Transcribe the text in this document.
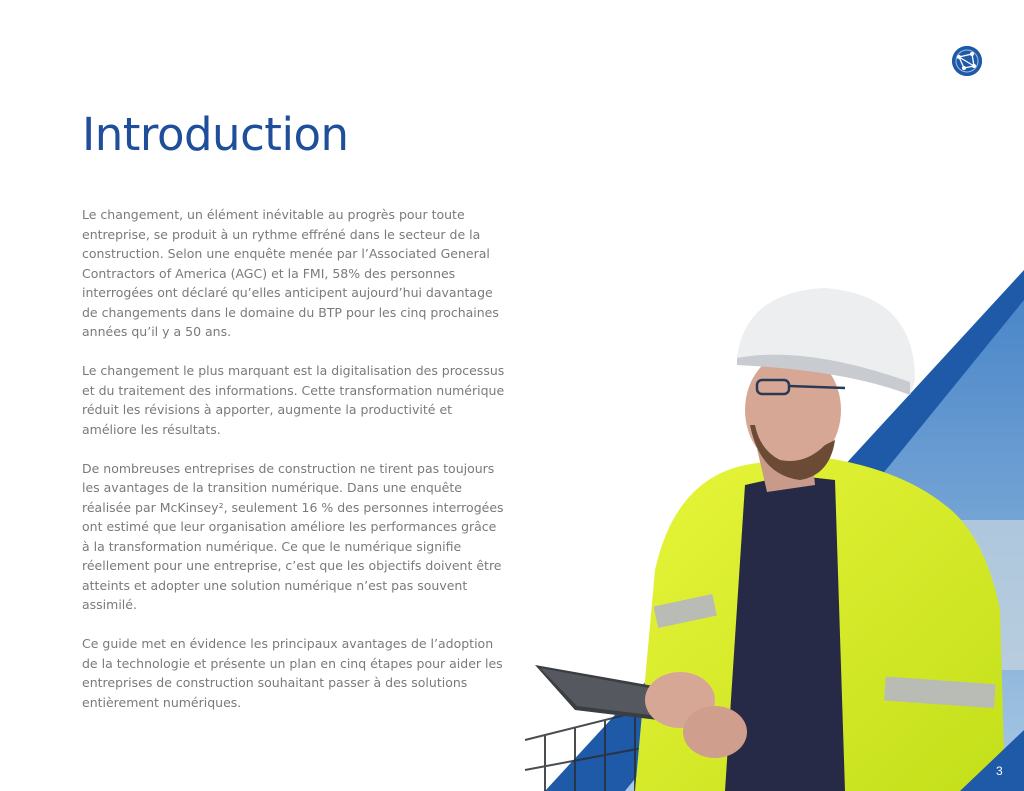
Introduction

Le changement, un élément inévitable au progrès pour toute entreprise, se produit à un rythme effréné dans le secteur de la construction. Selon une enquête menée par l’Associated General Contractors of America (AGC) et la FMI, 58% des personnes interrogées ont déclaré qu’elles anticipent aujourd’hui davantage de changements dans le domaine du BTP pour les cinq prochaines années qu’il y a 50 ans.

Le changement le plus marquant est la digitalisation des processus et du traitement des informations. Cette transformation numérique réduit les révisions à apporter, augmente la productivité et améliore les résultats.

De nombreuses entreprises de construction ne tirent pas toujours les avantages de la transition numérique. Dans une enquête réalisée par McKinsey², seulement 16 % des personnes interrogées ont estimé que leur organisation améliore les performances grâce à la transformation numérique. Ce que le numérique signifie réellement pour une entreprise, c’est que les objectifs doivent être atteints et adopter une solution numérique n’est pas souvent assimilé.

Ce guide met en évidence les principaux avantages de l’adoption de la technologie et présente un plan en cinq étapes pour aider les entreprises de construction souhaitant passer à des solutions entièrement numériques.

3
